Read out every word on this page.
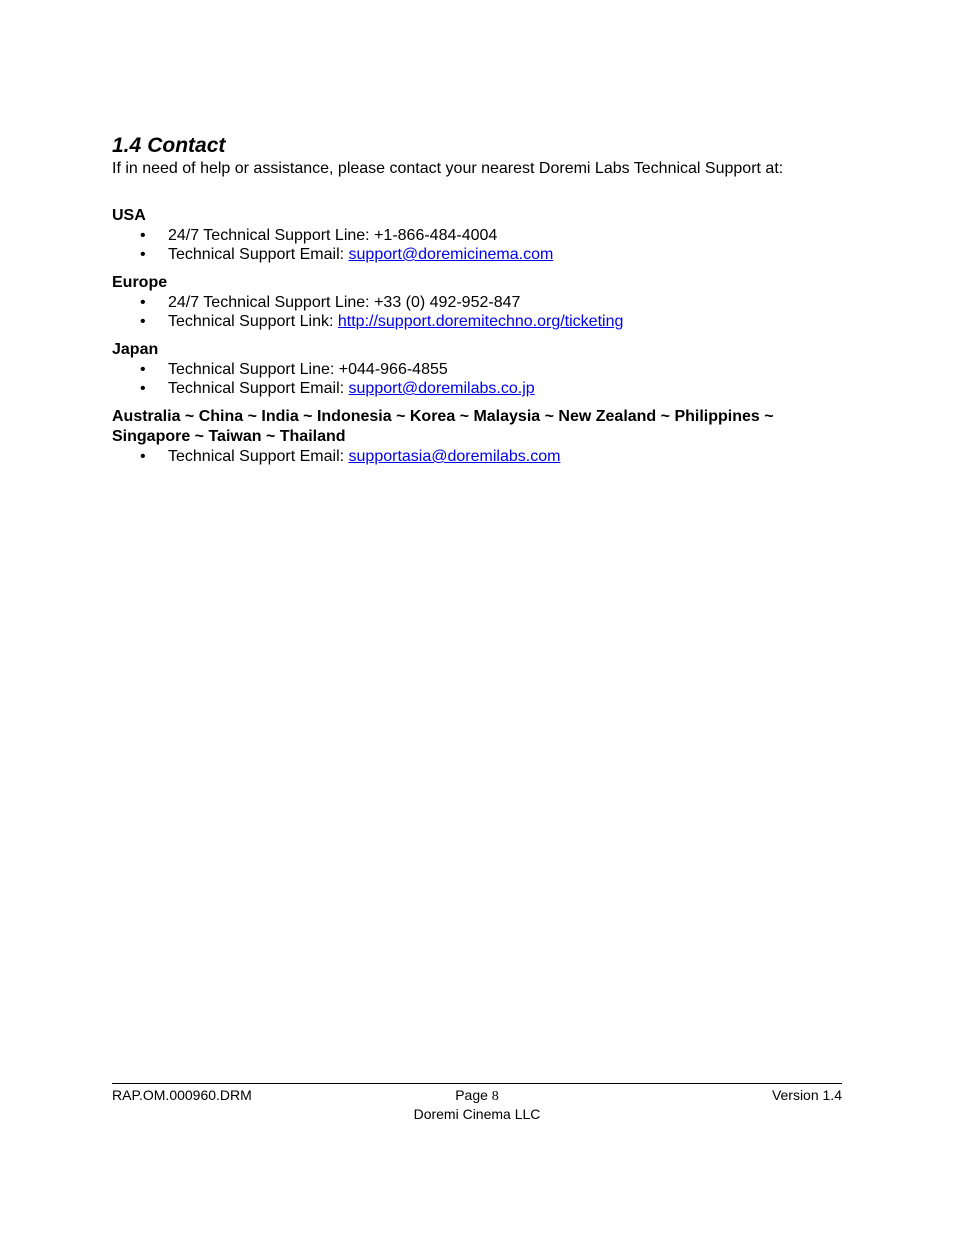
1.4 Contact

If in need of help or assistance, please contact your nearest Doremi Labs Technical Support at:

USA

• 24/7 Technical Support Line: +1-866-484-4004
• Technical Support Email: support@doremicinema.com

Europe

• 24/7 Technical Support Line: +33 (0) 492-952-847
• Technical Support Link: http://support.doremitechno.org/ticketing

Japan

• Technical Support Line: +044-966-4855
• Technical Support Email: support@doremilabs.co.jp

Australia ~ China ~ India ~ Indonesia ~ Korea ~ Malaysia ~ New Zealand ~ Philippines ~ Singapore ~ Taiwan ~ Thailand

• Technical Support Email: supportasia@doremilabs.com
RAP.OM.000960.DRM	Page 8	Version 1.4
Doremi Cinema LLC
